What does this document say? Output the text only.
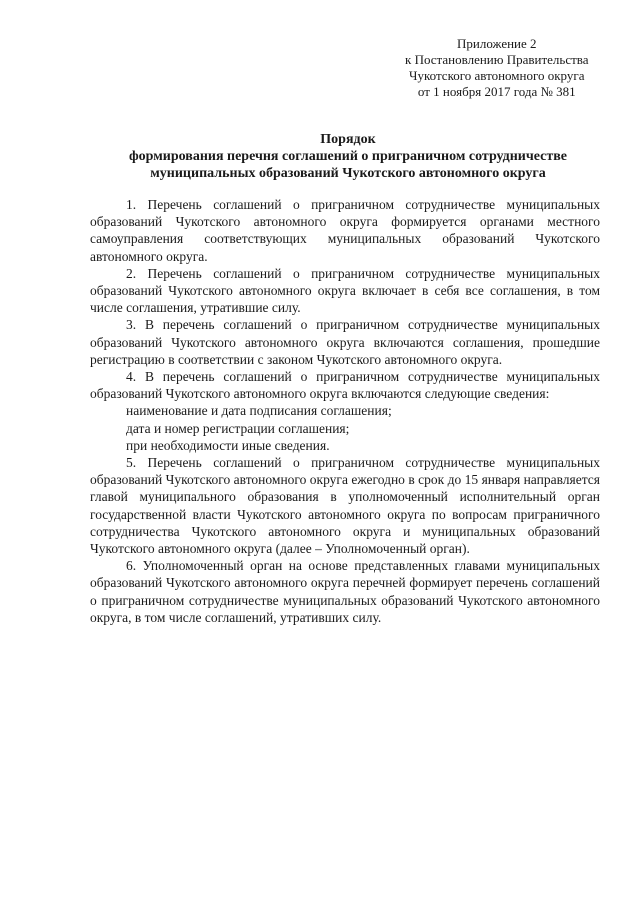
Приложение 2
к Постановлению Правительства
Чукотского автономного округа
от 1 ноября 2017 года № 381
Порядок
формирования перечня соглашений о приграничном сотрудничестве
муниципальных образований Чукотского автономного округа

1. Перечень соглашений о приграничном сотрудничестве муниципальных образований Чукотского автономного округа формируется органами местного самоуправления соответствующих муниципальных образований Чукотского автономного округа.

2. Перечень соглашений о приграничном сотрудничестве муниципальных образований Чукотского автономного округа включает в себя все соглашения, в том числе соглашения, утратившие силу.

3. В перечень соглашений о приграничном сотрудничестве муниципальных образований Чукотского автономного округа включаются соглашения, прошедшие регистрацию в соответствии с законом Чукотского автономного округа.

4. В перечень соглашений о приграничном сотрудничестве муниципальных образований Чукотского автономного округа включаются следующие сведения:

наименование и дата подписания соглашения;

дата и номер регистрации соглашения;

при необходимости иные сведения.

5. Перечень соглашений о приграничном сотрудничестве муниципальных образований Чукотского автономного округа ежегодно в срок до 15 января направляется главой муниципального образования в уполномоченный исполнительный орган государственной власти Чукотского автономного округа по вопросам приграничного сотрудничества Чукотского автономного округа и муниципальных образований Чукотского автономного округа (далее – Уполномоченный орган).

6. Уполномоченный орган на основе представленных главами муниципальных образований Чукотского автономного округа перечней формирует перечень соглашений о приграничном сотрудничестве муниципальных образований Чукотского автономного округа, в том числе соглашений, утративших силу.
